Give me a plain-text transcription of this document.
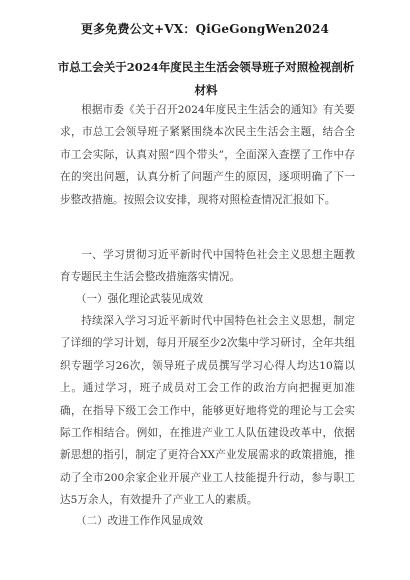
更多免费公文+VX：QiGeGongWen2024
市总工会关于2024年度民主生活会领导班子对照检视剖析材料
根据市委《关于召开2024年度民主生活会的通知》有关要求，市总工会领导班子紧紧围绕本次民主生活会主题，结合全市工会实际，认真对照“四个带头”，全面深入查摆了工作中存在的突出问题，认真分析了问题产生的原因，逐项明确了下一步整改措施。按照会议安排，现将对照检查情况汇报如下。
一、学习贯彻习近平新时代中国特色社会主义思想主题教育专题民主生活会整改措施落实情况。
（一）强化理论武装见成效
持续深入学习习近平新时代中国特色社会主义思想，制定了详细的学习计划，每月开展至少2次集中学习研讨，全年共组织专题学习26次，领导班子成员撰写学习心得人均达10篇以上。通过学习，班子成员对工会工作的政治方向把握更加准确，在指导下级工会工作中，能够更好地将党的理论与工会实际工作相结合。例如，在推进产业工人队伍建设改革中，依据新思想的指引，制定了更符合XX产业发展需求的政策措施，推动了全市200余家企业开展产业工人技能提升行动，参与职工达5万余人，有效提升了产业工人的素质。
（二）改进工作作风显成效
